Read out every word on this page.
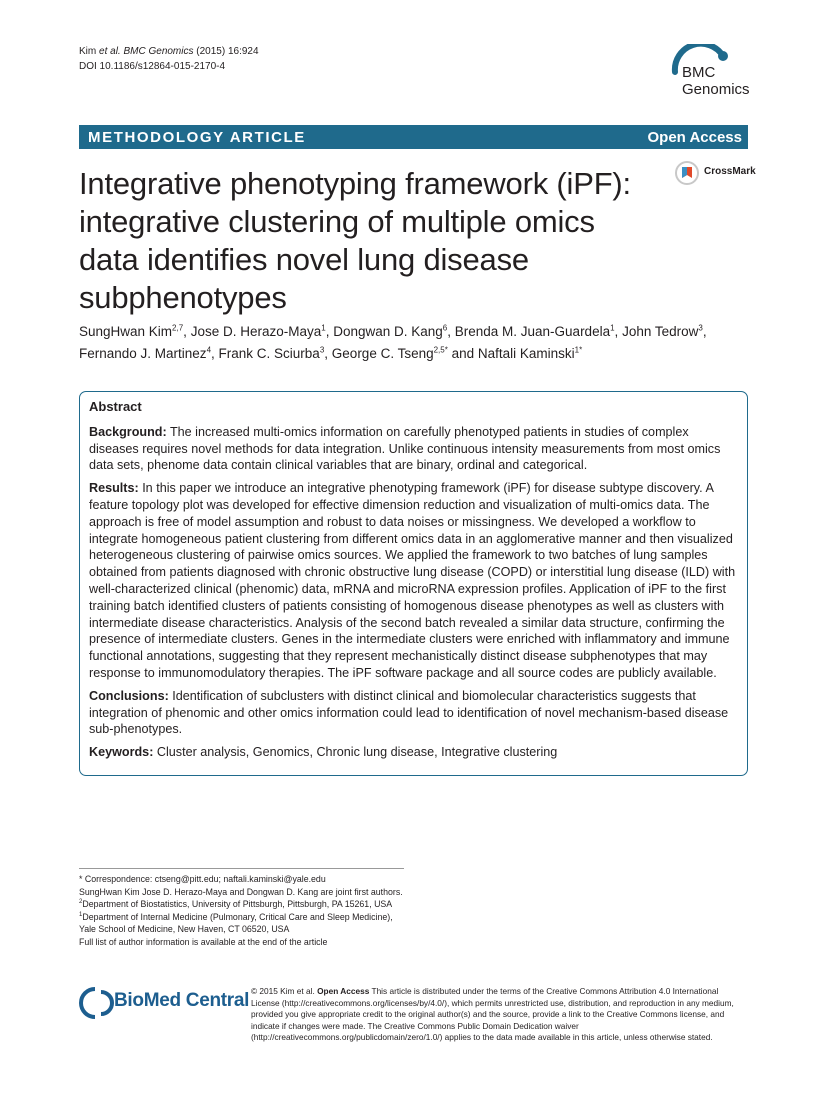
Kim et al. BMC Genomics (2015) 16:924
DOI 10.1186/s12864-015-2170-4	BMC
Genomics
METHODOLOGY ARTICLE	Open Access
Integrative phenotyping framework (iPF):
integrative clustering of multiple omics
data identifies novel lung disease
subphenotypes
CrossMark
SungHwan Kim$^{2,7}$, Jose D. Herazo-Maya$^1$, Dongwan D. Kang$^6$, Brenda M. Juan-Guardela$^1$, John Tedrow$^3$,
Fernando J. Martinez$^4$, Frank C. Sciurba$^3$, George C. Tseng$^{2,5*}$ and Naftali Kaminski$^{1*}$
Abstract

Background: The increased multi-omics information on carefully phenotyped patients in studies of complex diseases requires novel methods for data integration. Unlike continuous intensity measurements from most omics data sets, phenome data contain clinical variables that are binary, ordinal and categorical.

Results: In this paper we introduce an integrative phenotyping framework (iPF) for disease subtype discovery. A feature topology plot was developed for effective dimension reduction and visualization of multi-omics data. The approach is free of model assumption and robust to data noises or missingness. We developed a workflow to integrate homogeneous patient clustering from different omics data in an agglomerative manner and then visualized heterogeneous clustering of pairwise omics sources. We applied the framework to two batches of lung samples obtained from patients diagnosed with chronic obstructive lung disease (COPD) or interstitial lung disease (ILD) with well-characterized clinical (phenomic) data, mRNA and microRNA expression profiles. Application of iPF to the first training batch identified clusters of patients consisting of homogenous disease phenotypes as well as clusters with intermediate disease characteristics. Analysis of the second batch revealed a similar data structure, confirming the presence of intermediate clusters. Genes in the intermediate clusters were enriched with inflammatory and immune functional annotations, suggesting that they represent mechanistically distinct disease subphenotypes that may response to immunomodulatory therapies. The iPF software package and all source codes are publicly available.

Conclusions: Identification of subclusters with distinct clinical and biomolecular characteristics suggests that integration of phenomic and other omics information could lead to identification of novel mechanism-based disease sub-phenotypes.

Keywords: Cluster analysis, Genomics, Chronic lung disease, Integrative clustering

* Correspondence: ctseng@pitt.edu; naftali.kaminski@yale.edu

SungHwan Kim Jose D. Herazo-Maya and Dongwan D. Kang are joint first authors.

$^2$Department of Biostatistics, University of Pittsburgh, Pittsburgh, PA 15261, USA

$^1$Department of Internal Medicine (Pulmonary, Critical Care and Sleep Medicine), Yale School of Medicine, New Haven, CT 06520, USA

Full list of author information is available at the end of the article

BioMed Central © 2015 Kim et al. Open Access This article is distributed under the terms of the Creative Commons Attribution 4.0 International License (http://creativecommons.org/licenses/by/4.0/), which permits unrestricted use, distribution, and reproduction in any medium, provided you give appropriate credit to the original author(s) and the source, provide a link to the Creative Commons license, and indicate if changes were made. The Creative Commons Public Domain Dedication waiver (http://creativecommons.org/publicdomain/zero/1.0/) applies to the data made available in this article, unless otherwise stated.
